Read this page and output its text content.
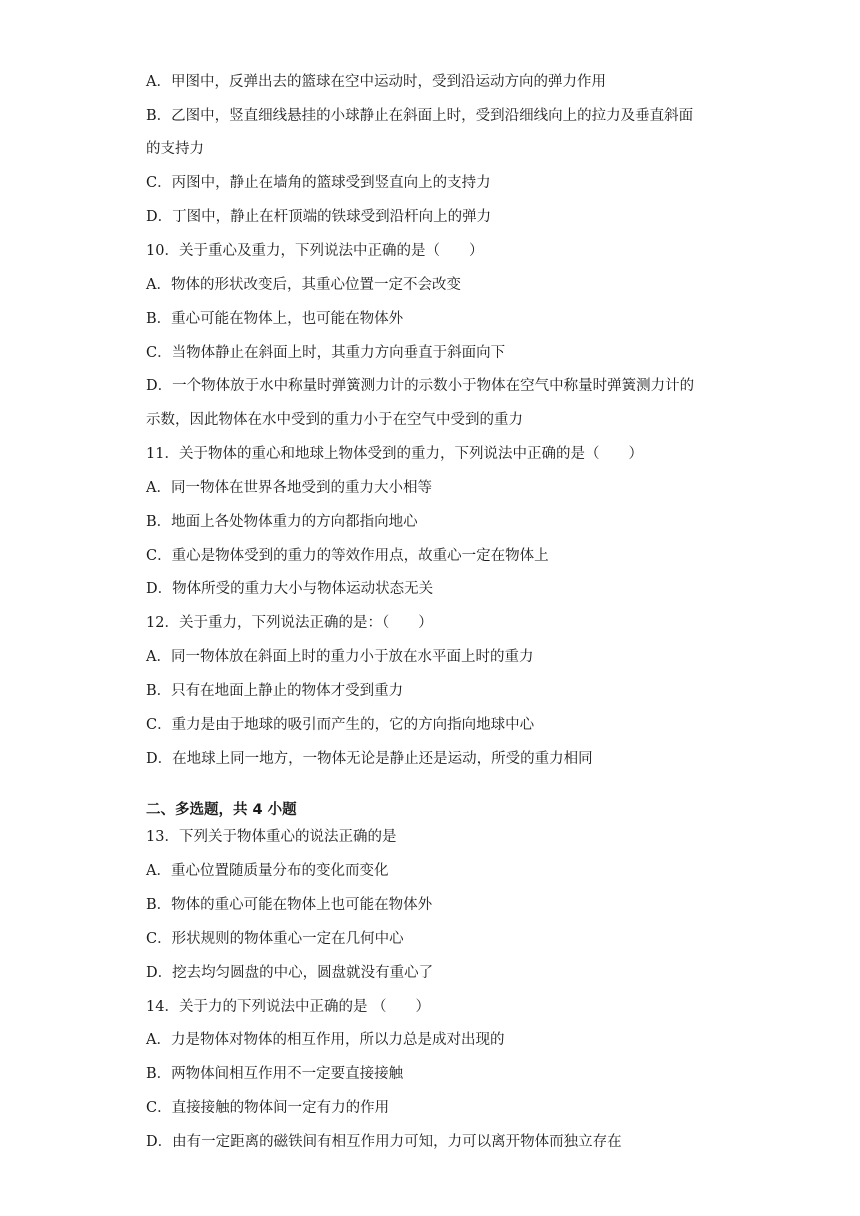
A．甲图中，反弹出去的篮球在空中运动时，受到沿运动方向的弹力作用
B．乙图中，竖直细线悬挂的小球静止在斜面上时，受到沿细线向上的拉力及垂直斜面
的支持力
C．丙图中，静止在墙角的篮球受到竖直向上的支持力
D．丁图中，静止在杆顶端的铁球受到沿杆向上的弹力
10．关于重心及重力，下列说法中正确的是（　　）
A．物体的形状改变后，其重心位置一定不会改变
B．重心可能在物体上，也可能在物体外
C．当物体静止在斜面上时，其重力方向垂直于斜面向下
D．一个物体放于水中称量时弹簧测力计的示数小于物体在空气中称量时弹簧测力计的
示数，因此物体在水中受到的重力小于在空气中受到的重力
11．关于物体的重心和地球上物体受到的重力，下列说法中正确的是（　　）
A．同一物体在世界各地受到的重力大小相等
B．地面上各处物体重力的方向都指向地心
C．重心是物体受到的重力的等效作用点，故重心一定在物体上
D．物体所受的重力大小与物体运动状态无关
12．关于重力，下列说法正确的是：（　　）
A．同一物体放在斜面上时的重力小于放在水平面上时的重力
B．只有在地面上静止的物体才受到重力
C．重力是由于地球的吸引而产生的，它的方向指向地球中心
D．在地球上同一地方，一物体无论是静止还是运动，所受的重力相同
二、多选题，共 4 小题
13．下列关于物体重心的说法正确的是
A．重心位置随质量分布的变化而变化
B．物体的重心可能在物体上也可能在物体外
C．形状规则的物体重心一定在几何中心
D．挖去均匀圆盘的中心，圆盘就没有重心了
14．关于力的下列说法中正确的是 （　　）
A．力是物体对物体的相互作用，所以力总是成对出现的
B．两物体间相互作用不一定要直接接触
C．直接接触的物体间一定有力的作用
D．由有一定距离的磁铁间有相互作用力可知，力可以离开物体而独立存在
